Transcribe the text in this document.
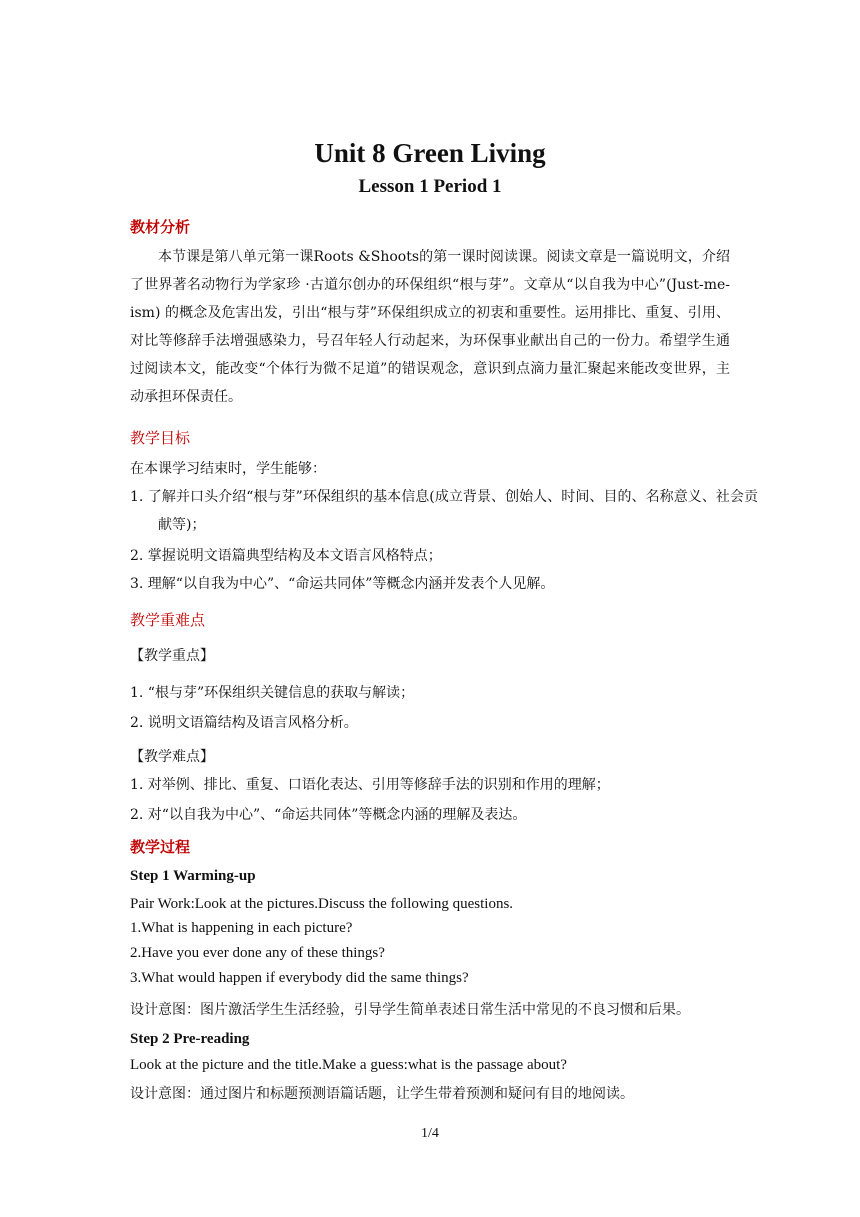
Unit 8 Green Living
Lesson 1 Period 1
教材分析

本节课是第八单元第一课Roots &Shoots的第一课时阅读课。阅读文章是一篇说明文，介绍了世界著名动物行为学家珍 ·古道尔创办的环保组织“根与芽”。文章从“以自我为中心”(Just-me-ism) 的概念及危害出发，引出“根与芽”环保组织成立的初衷和重要性。运用排比、重复、引用、对比等修辞手法增强感染力，号召年轻人行动起来，为环保事业献出自己的一份力。希望学生通过阅读本文，能改变“个体行为微不足道”的错误观念，意识到点滴力量汇聚起来能改变世界，主动承担环保责任。

教学目标
在本课学习结束时，学生能够：

1. 了解并口头介绍“根与芽”环保组织的基本信息(成立背景、创始人、时间、目的、名称意义、社会贡献等)；

2. 掌握说明文语篇典型结构及本文语言风格特点；
3. 理解“以自我为中心”、“命运共同体”等概念内涵并发表个人见解。
教学重难点
【教学重点】
1. “根与芽”环保组织关键信息的获取与解读；
2. 说明文语篇结构及语言风格分析。
【教学难点】
1. 对举例、排比、重复、口语化表达、引用等修辞手法的识别和作用的理解；
2. 对“以自我为中心”、“命运共同体”等概念内涵的理解及表达。
教学过程
Step 1 Warming-up
Pair Work:Look at the pictures.Discuss the following questions.
1.What is happening in each picture?
2.Have you ever done any of these things?
3.What would happen if everybody did the same things?
设计意图：图片激活学生生活经验，引导学生简单表述日常生活中常见的不良习惯和后果。
Step 2 Pre-reading
Look at the picture and the title.Make a guess:what is the passage about?
设计意图：通过图片和标题预测语篇话题，让学生带着预测和疑问有目的地阅读。
1/4
